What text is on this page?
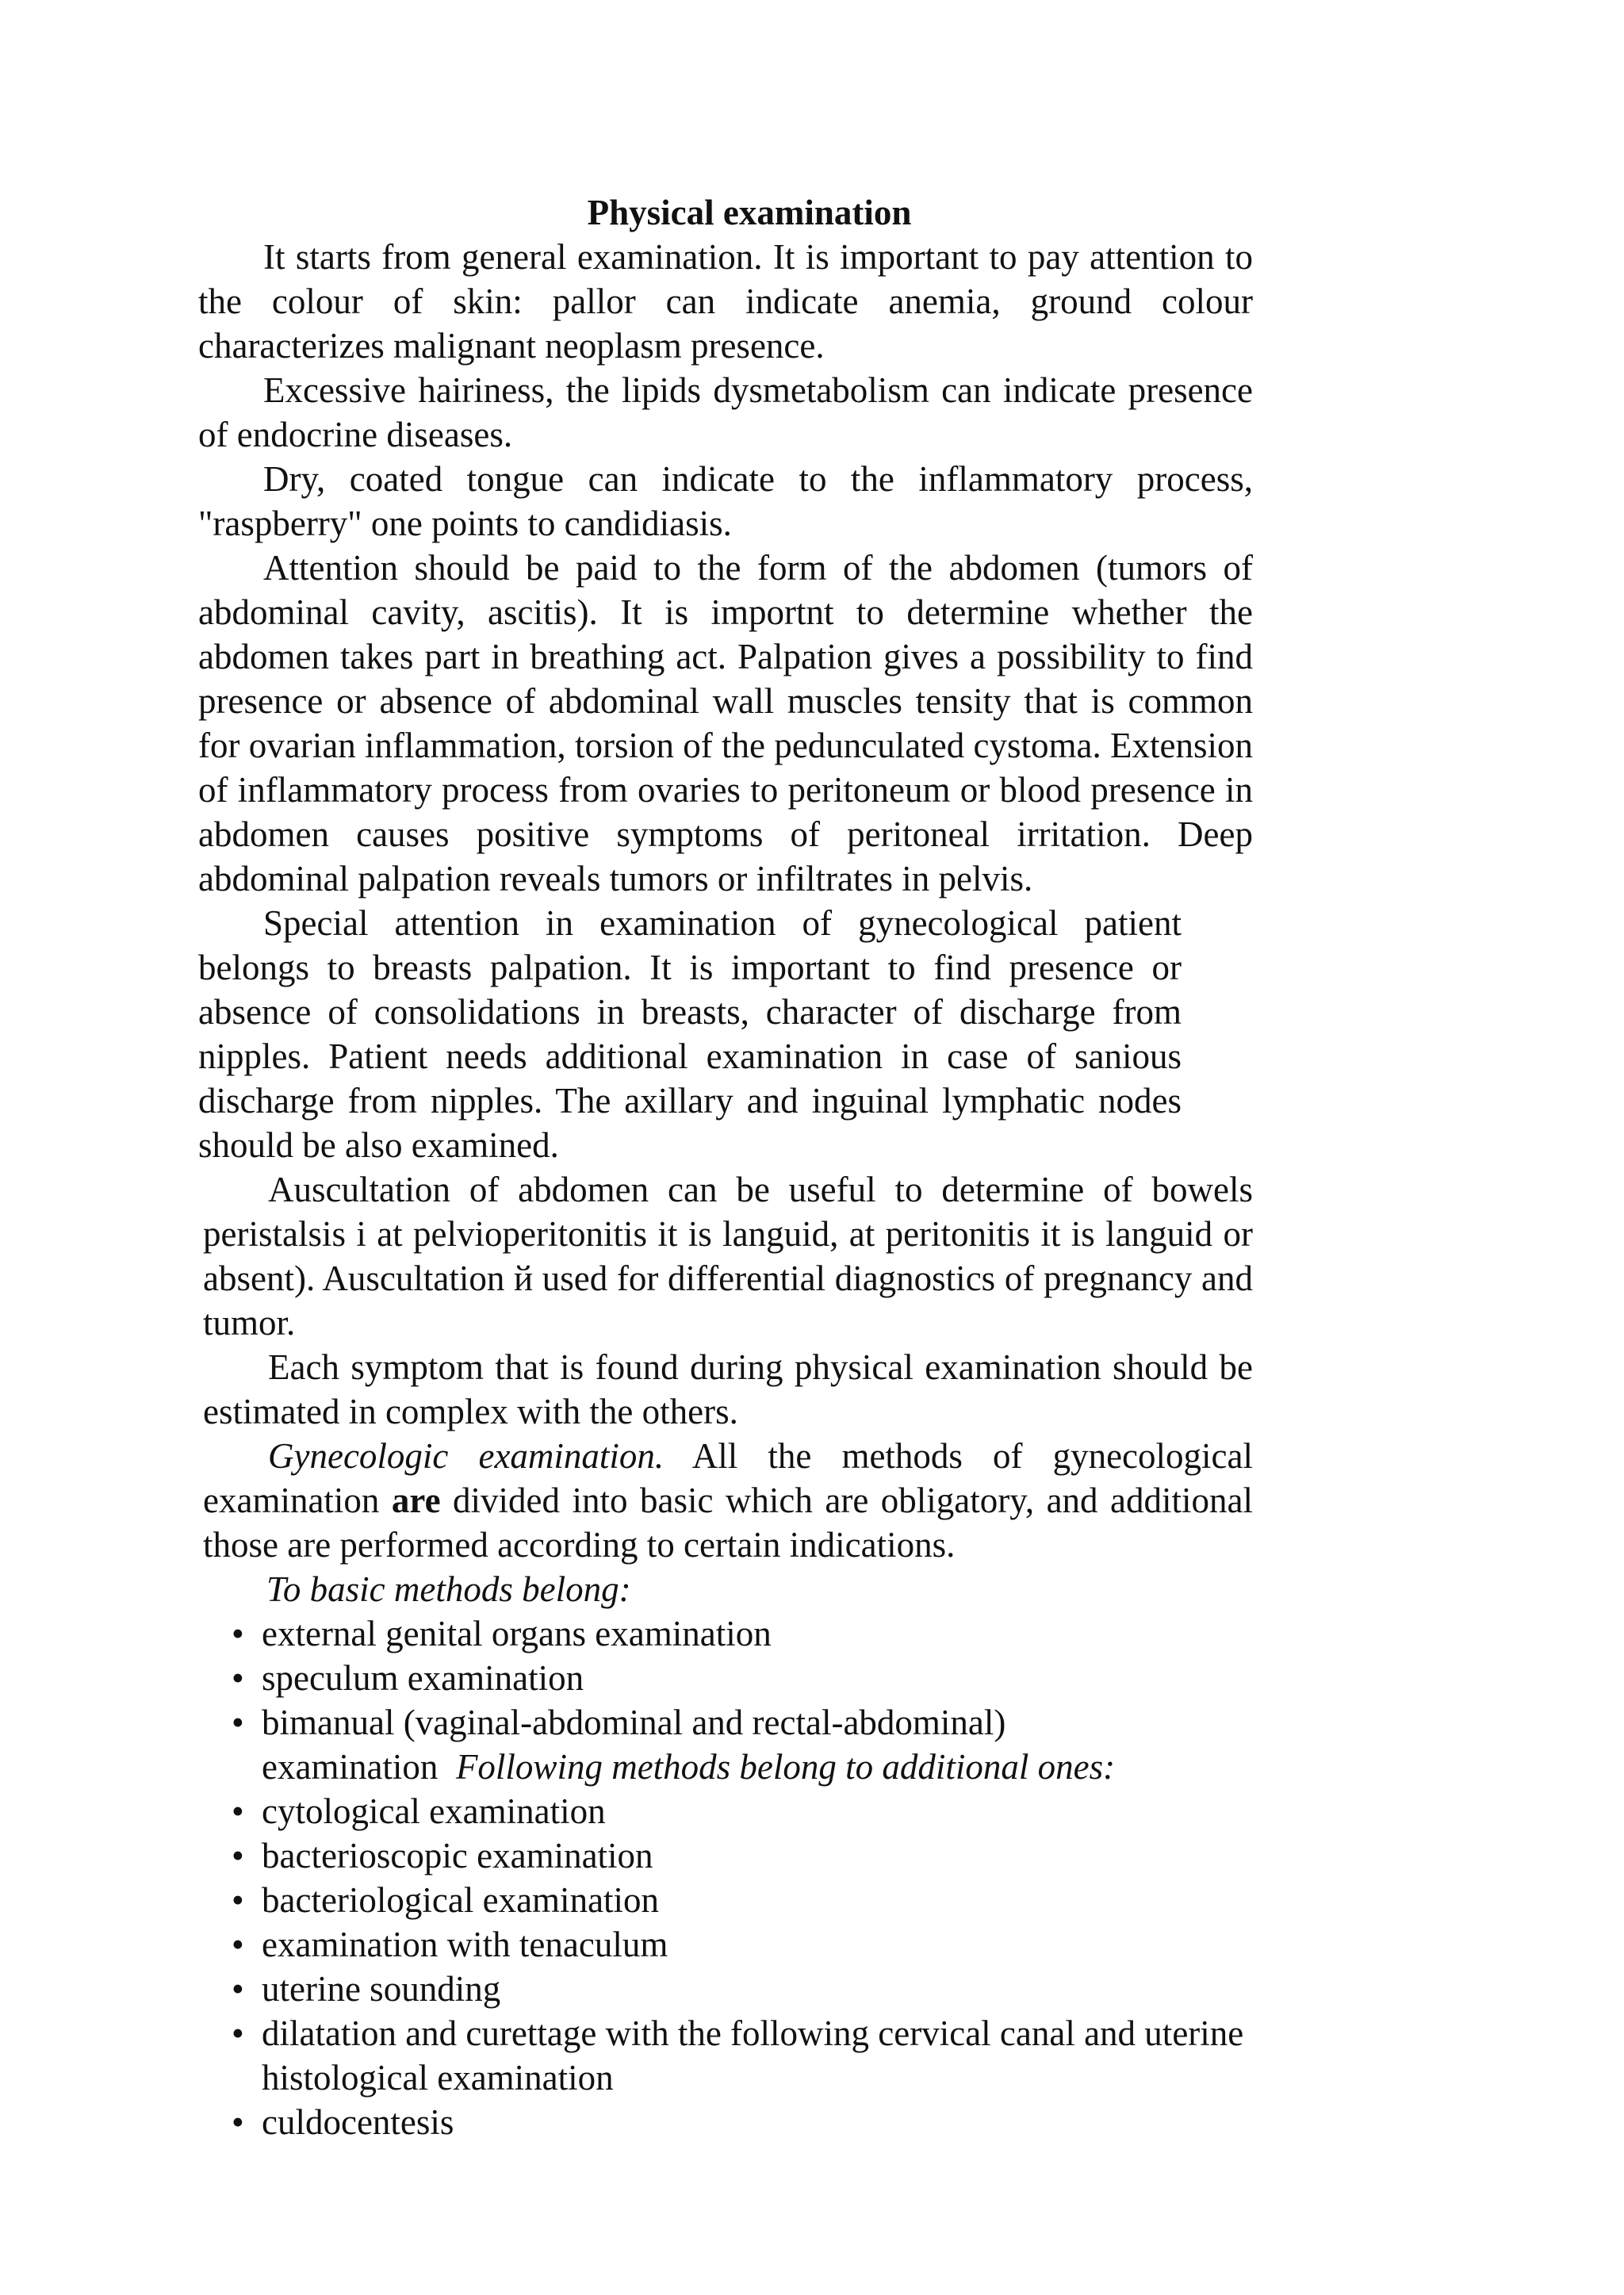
Physical examination

It starts from general examination. It is important to pay attention to the colour of skin: pallor can indicate anemia, ground colour characterizes malignant neoplasm presence.

Excessive hairiness, the lipids dysmetabolism can indicate presence of endocrine diseases.

Dry, coated tongue can indicate to the inflammatory process, "raspberry" one points to candidiasis.

Attention should be paid to the form of the abdomen (tumors of abdominal cavity, ascitis). It is importnt to determine whether the abdomen takes part in breathing act. Palpation gives a possibility to find presence or absence of abdominal wall muscles tensity that is common for ovarian inflammation, torsion of the pedunculated cystoma. Extension of inflammatory process from ovaries to peritoneum or blood presence in abdomen causes positive symptoms of peritoneal irritation. Deep abdominal palpation reveals tumors or infiltrates in pelvis.

Special attention in examination of gynecological patient belongs to breasts palpation. It is important to find presence or absence of consolidations in breasts, character of discharge from nipples. Patient needs additional examination in case of sanious discharge from nipples. The axillary and inguinal lymphatic nodes should be also examined.

Auscultation of abdomen can be useful to determine of bowels peristalsis i at pelvioperitonitis it is languid, at peritonitis it is languid or absent). Auscultation й used for differential diagnostics of pregnancy and tumor.

Each symptom that is found during physical examination should be estimated in complex with the others.

Gynecologic examination. All the methods of gynecological examination are divided into basic which are obligatory, and additional those are performed according to certain indications.

To basic methods belong:

• external genital organs examination
• speculum examination
• bimanual (vaginal-abdominal and rectal-abdominal)
examination Following methods belong to additional ones:
• cytological examination
• bacterioscopic examination
• bacteriological examination
• examination with tenaculum
• uterine sounding
• dilatation and curettage with the following cervical canal and uterine histological examination
• culdocentesis
